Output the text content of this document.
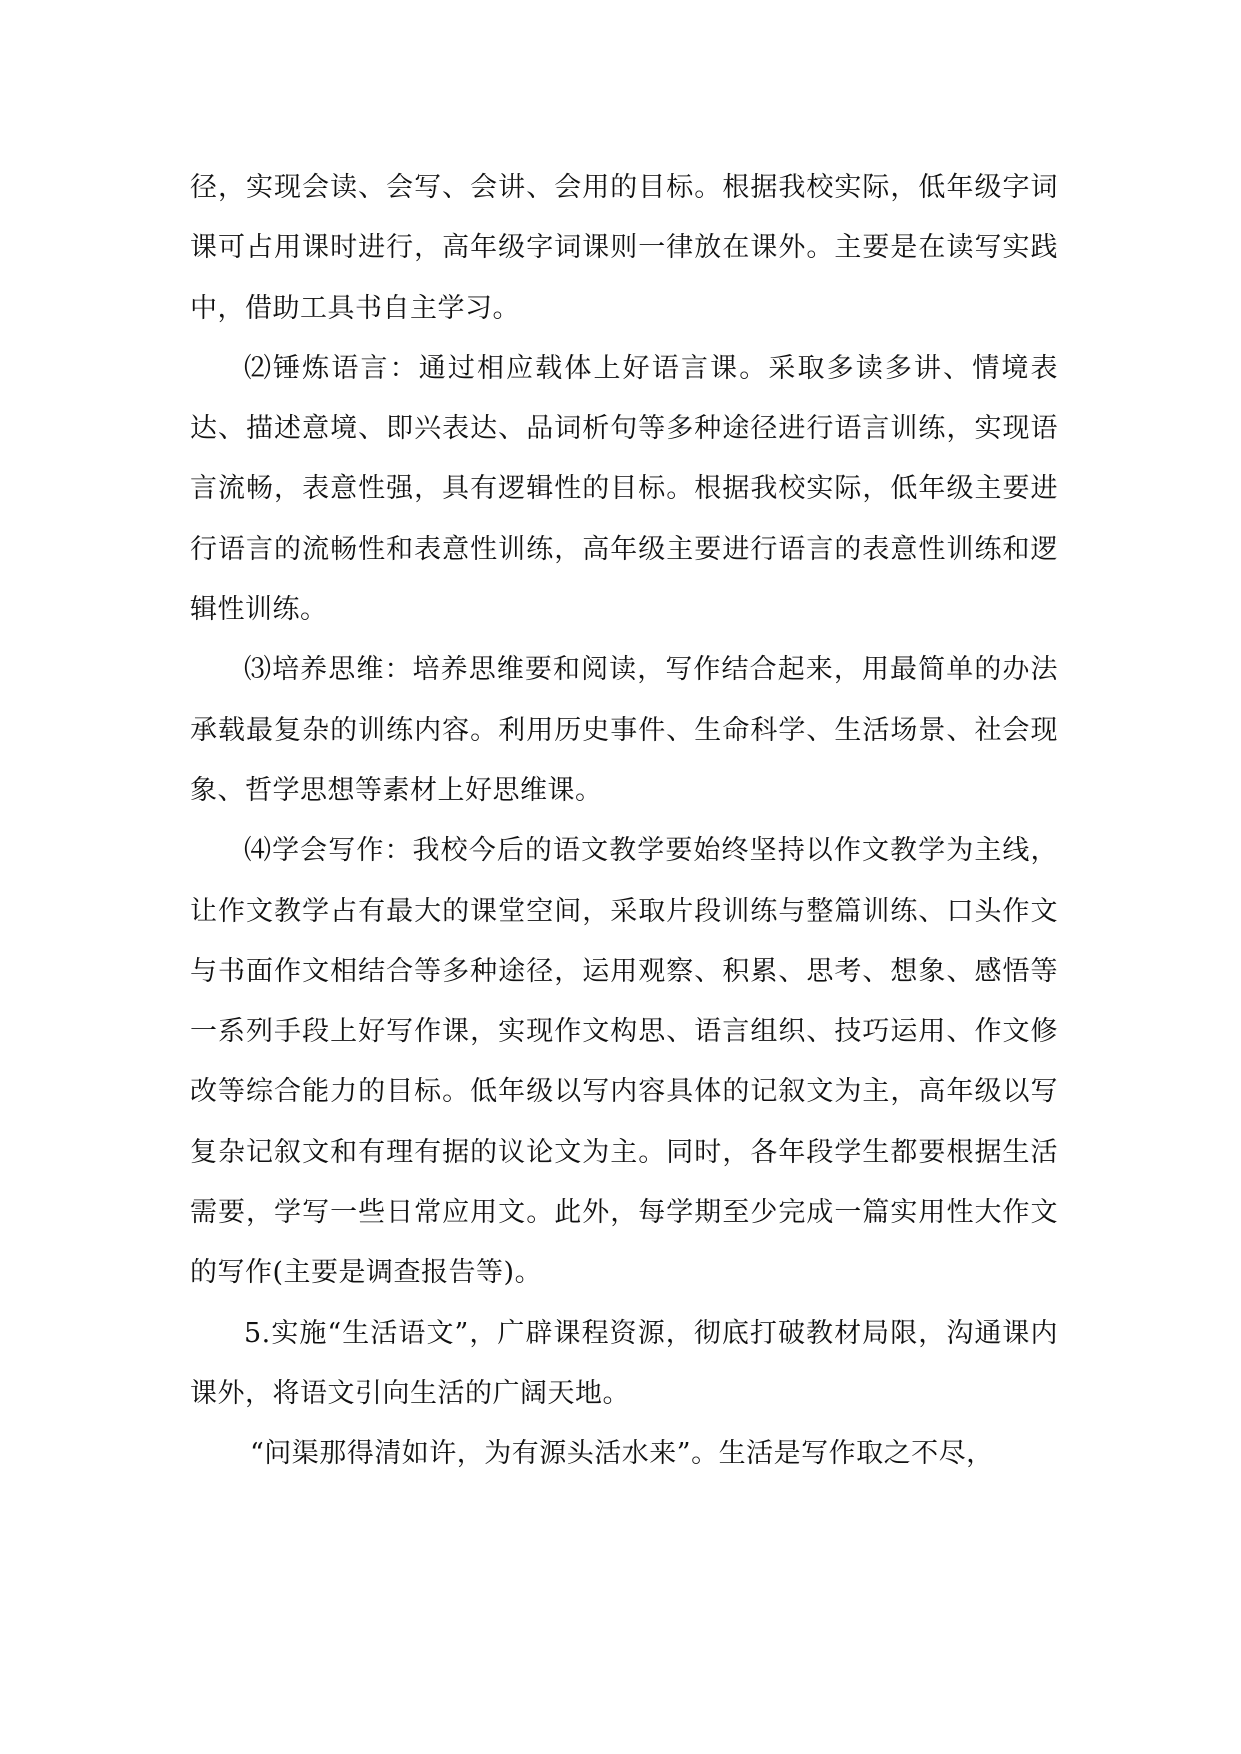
径，实现会读、会写、会讲、会用的目标。根据我校实际，低年级字词课可占用课时进行，高年级字词课则一律放在课外。主要是在读写实践中，借助工具书自主学习。

⑵锤炼语言：通过相应载体上好语言课。采取多读多讲、情境表达、描述意境、即兴表达、品词析句等多种途径进行语言训练，实现语言流畅，表意性强，具有逻辑性的目标。根据我校实际，低年级主要进行语言的流畅性和表意性训练，高年级主要进行语言的表意性训练和逻辑性训练。

⑶培养思维：培养思维要和阅读，写作结合起来，用最简单的办法承载最复杂的训练内容。利用历史事件、生命科学、生活场景、社会现象、哲学思想等素材上好思维课。

⑷学会写作：我校今后的语文教学要始终坚持以作文教学为主线，让作文教学占有最大的课堂空间，采取片段训练与整篇训练、口头作文与书面作文相结合等多种途径，运用观察、积累、思考、想象、感悟等一系列手段上好写作课，实现作文构思、语言组织、技巧运用、作文修改等综合能力的目标。低年级以写内容具体的记叙文为主，高年级以写复杂记叙文和有理有据的议论文为主。同时，各年段学生都要根据生活需要，学写一些日常应用文。此外，每学期至少完成一篇实用性大作文的写作(主要是调查报告等)。

5.实施“生活语文”，广辟课程资源，彻底打破教材局限，沟通课内课外，将语文引向生活的广阔天地。

“问渠那得清如许，为有源头活水来”。生活是写作取之不尽，
